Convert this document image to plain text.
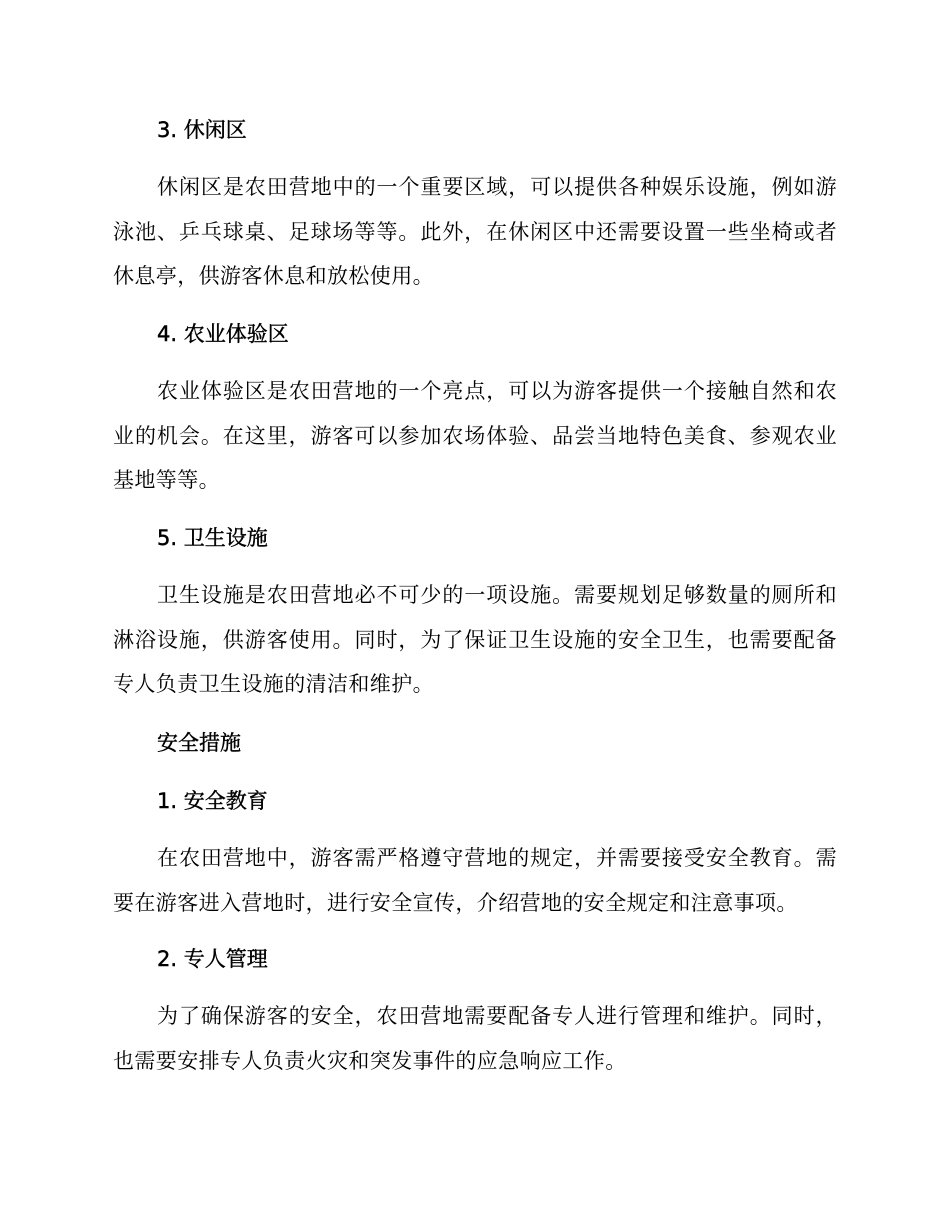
3. 休闲区
休闲区是农田营地中的一个重要区域，可以提供各种娱乐设施，例如游泳池、乒乓球桌、足球场等等。此外，在休闲区中还需要设置一些坐椅或者休息亭，供游客休息和放松使用。
4. 农业体验区
农业体验区是农田营地的一个亮点，可以为游客提供一个接触自然和农业的机会。在这里，游客可以参加农场体验、品尝当地特色美食、参观农业基地等等。
5. 卫生设施
卫生设施是农田营地必不可少的一项设施。需要规划足够数量的厕所和淋浴设施，供游客使用。同时，为了保证卫生设施的安全卫生，也需要配备专人负责卫生设施的清洁和维护。
安全措施
1. 安全教育
在农田营地中，游客需严格遵守营地的规定，并需要接受安全教育。需要在游客进入营地时，进行安全宣传，介绍营地的安全规定和注意事项。
2. 专人管理
为了确保游客的安全，农田营地需要配备专人进行管理和维护。同时，也需要安排专人负责火灾和突发事件的应急响应工作。
